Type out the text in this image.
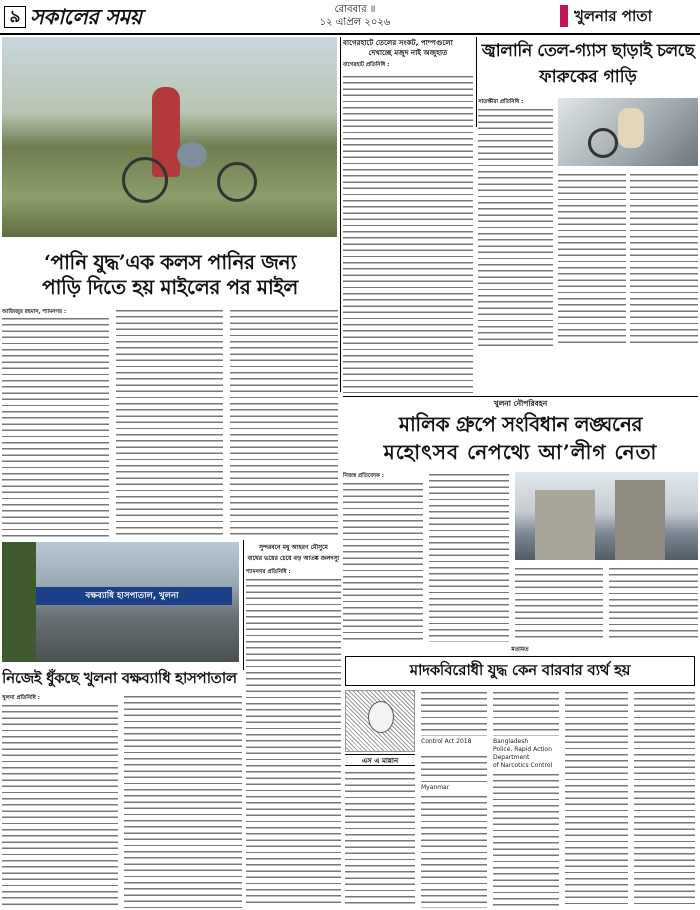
৯ সকালের সময়	রোববার ॥
১২ এপ্রিল ২০২৬	খুলনার পাতা
‘পানি যুদ্ধ’এক কলস পানির জন্য
পাড়ি দিতে হয় মাইলের পর মাইল
আজিজুর রহমান, শ্যামনগর :
বাগেরহাটে তেলের সংকট, পাম্পগুলো
দেখাচ্ছে মজুদ নাই অজুহাত
বাগেরহাট প্রতিনিধি :
জ্বালানি তেল-গ্যাস ছাড়াই চলছে
ফারুকের গাড়ি
সাতক্ষীরা প্রতিনিধি :
খুলনা নৌপরিবহন
মালিক গ্রুপে সংবিধান লঙ্ঘনের
মহোৎসব নেপথ্যে আ’লীগ নেতা
নিজস্ব প্রতিবেদক :
সুন্দরবনে মধু আহরণ মৌসুমে
বাঘের ভয়ের চেয়ে বড় আতঙ্ক জলদস্যু
শ্যামনগর প্রতিনিধি :
বক্ষব্যাধি হাসপাতাল, খুলনা
নিজেই ধুঁকছে খুলনা বক্ষব্যাধি হাসপাতাল
খুলনা প্রতিনিধি :
মতামত
মাদকবিরোধী যুদ্ধ কেন বারবার ব্যর্থ হয়
এস এ মান্নান
Control Act 2018
Myanmar
Bangladesh
Police, Rapid Action
Department
of Narcotics Control
